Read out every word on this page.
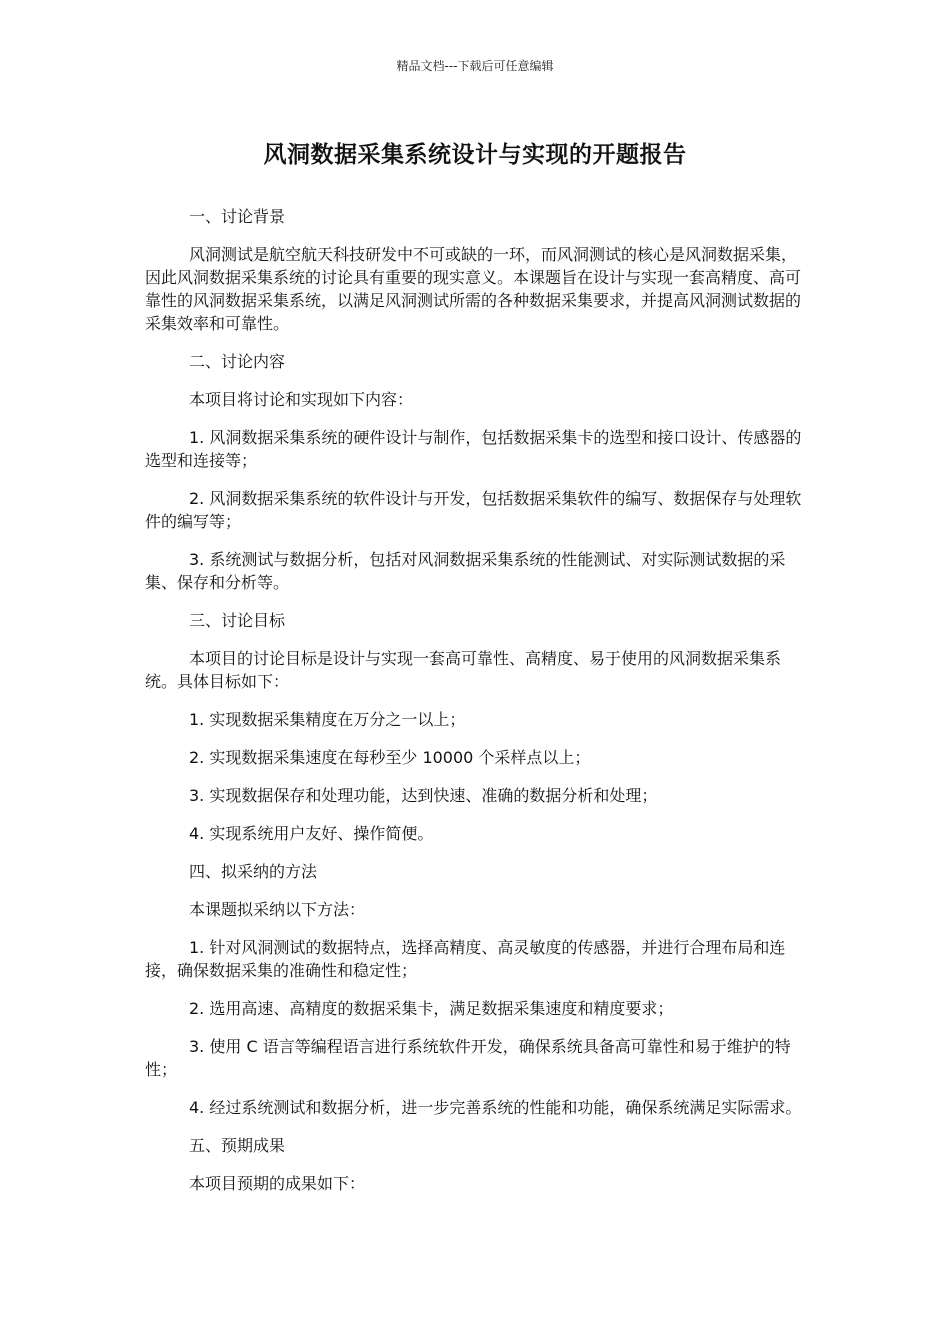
精品文档---下载后可任意编辑
风洞数据采集系统设计与实现的开题报告

一、讨论背景

风洞测试是航空航天科技研发中不可或缺的一环，而风洞测试的核心是风洞数据采集，因此风洞数据采集系统的讨论具有重要的现实意义。本课题旨在设计与实现一套高精度、高可靠性的风洞数据采集系统，以满足风洞测试所需的各种数据采集要求，并提高风洞测试数据的采集效率和可靠性。

二、讨论内容

本项目将讨论和实现如下内容：

1. 风洞数据采集系统的硬件设计与制作，包括数据采集卡的选型和接口设计、传感器的选型和连接等；

2. 风洞数据采集系统的软件设计与开发，包括数据采集软件的编写、数据保存与处理软件的编写等；

3. 系统测试与数据分析，包括对风洞数据采集系统的性能测试、对实际测试数据的采集、保存和分析等。

三、讨论目标

本项目的讨论目标是设计与实现一套高可靠性、高精度、易于使用的风洞数据采集系统。具体目标如下：

1. 实现数据采集精度在万分之一以上；

2. 实现数据采集速度在每秒至少 10000 个采样点以上；

3. 实现数据保存和处理功能，达到快速、准确的数据分析和处理；

4. 实现系统用户友好、操作简便。

四、拟采纳的方法

本课题拟采纳以下方法：

1. 针对风洞测试的数据特点，选择高精度、高灵敏度的传感器，并进行合理布局和连接，确保数据采集的准确性和稳定性；

2. 选用高速、高精度的数据采集卡，满足数据采集速度和精度要求；

3. 使用 C 语言等编程语言进行系统软件开发，确保系统具备高可靠性和易于维护的特性；

4. 经过系统测试和数据分析，进一步完善系统的性能和功能，确保系统满足实际需求。

五、预期成果

本项目预期的成果如下：
